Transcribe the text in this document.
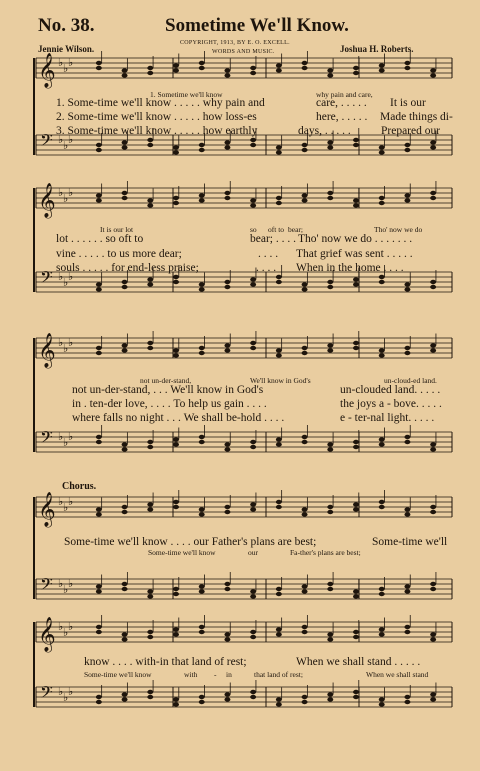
No. 38.	Sometime We'll Know.
COPYRIGHT, 1913, BY E. O. EXCELL.
WORDS AND MUSIC.
Jennie Wilson.	Joshua H. Roberts.
𝄞
𝄢
♭ ♭ ♭
♭ ♭ ♭
𝄞
𝄢
♭ ♭ ♭
♭ ♭ ♭
𝄞
𝄢
♭ ♭ ♭
♭ ♭ ♭
𝄞
𝄢
♭ ♭ ♭
♭ ♭ ♭
𝄞
𝄢
♭ ♭ ♭
♭ ♭ ♭
1. Sometime we'll know	why pain and care,
1. Some-time we'll know . . . . . why pain and	care, . . . . . It is our
2. Some-time we'll know . . . . . how loss-es	here, . . . . . Made things di-
3. Some-time we'll know . . . . . how earthly	days, . . . . .	Prepared our
It is our lot	so oft to bear;	Tho' now we do
lot . . . . . . so oft to	bear; . . . . Tho' now we do . . . . . . .
vine . . . . . to us more dear;	. . . . That grief was sent . . . . .
souls . . . . . for end-less praise;	. . . . When in the home . . . .
not un-der-stand,	We'll know in God's	un-cloud-ed land.
not un-der-stand, . . . We'll know in God's	un-clouded land. . . . .
in . ten-der love, . . . . To help us gain . . . .	the joys a - bove. . . . .
where falls no night . . . We shall be-hold . . . .	e - ter-nal light. . . . .
Chorus.
Some-time we'll know . . . . our Father's plans are best;	Some-time we'll
Some-time we'll know	our	Fa-ther's plans are best;
know . . . . with-in that land of rest;	When we shall stand . . . . .
Some-time we'll know	with - in	that land of rest;	When we shall stand
